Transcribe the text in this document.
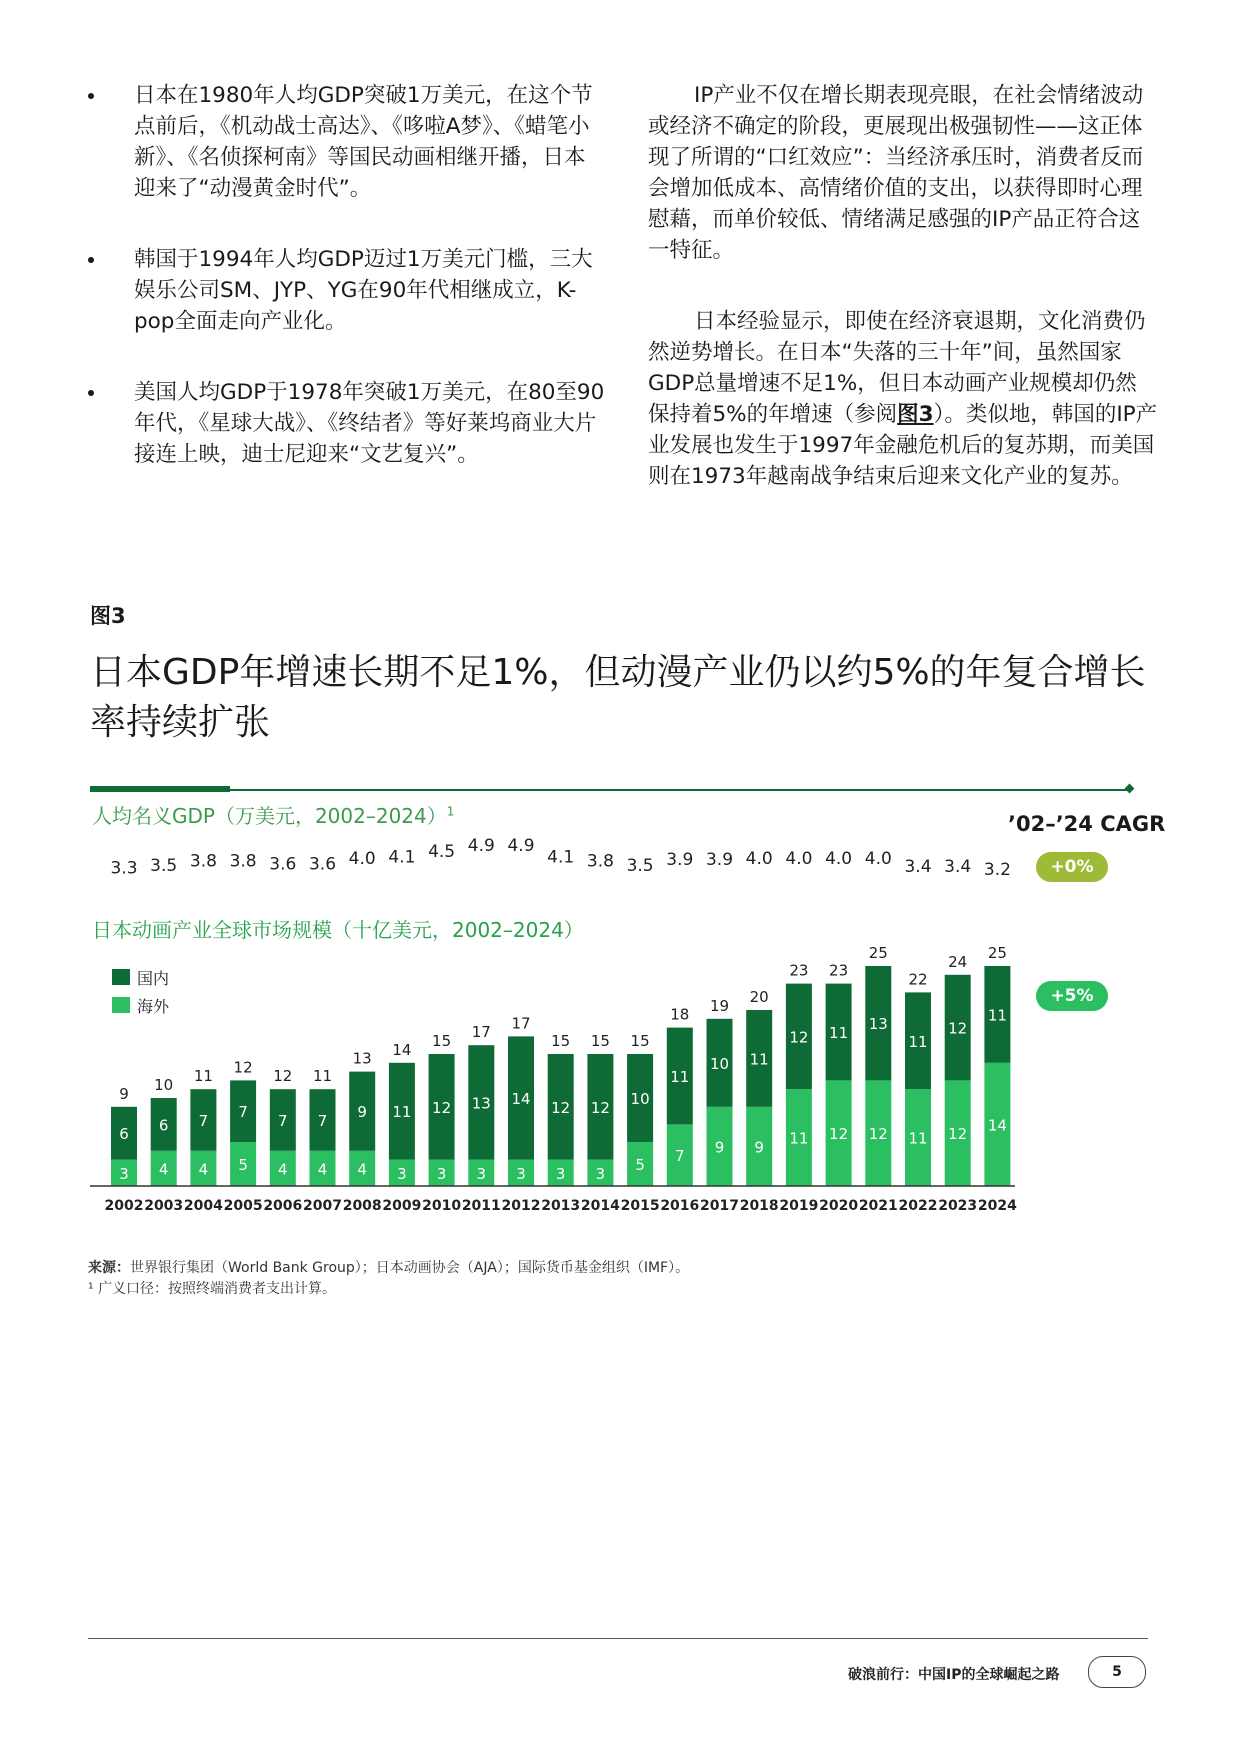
日本在1980年人均GDP突破1万美元，在这个节点前后，《机动战士高达》、《哆啦A梦》、《蜡笔小新》、《名侦探柯南》等国民动画相继开播，日本迎来了“动漫黄金时代”。
韩国于1994年人均GDP迈过1万美元门槛，三大娱乐公司SM、JYP、YG在90年代相继成立，K-pop全面走向产业化。
美国人均GDP于1978年突破1万美元，在80至90年代，《星球大战》、《终结者》等好莱坞商业大片接连上映，迪士尼迎来“文艺复兴”。

IP产业不仅在增长期表现亮眼，在社会情绪波动或经济不确定的阶段，更展现出极强韧性——这正体现了所谓的“口红效应”：当经济承压时，消费者反而会增加低成本、高情绪价值的支出，以获得即时心理慰藉，而单价较低、情绪满足感强的IP产品正符合这一特征。

日本经验显示，即使在经济衰退期，文化消费仍然逆势增长。在日本“失落的三十年”间，虽然国家GDP总量增速不足1%，但日本动画产业规模却仍然保持着5%的年增速（参阅图3）。类似地，韩国的IP产业发展也发生于1997年金融危机后的复苏期，而美国则在1973年越南战争结束后迎来文化产业的复苏。

图3
日本GDP年增速长期不足1%，但动漫产业仍以约5%的年复合增长率持续扩张
人均名义GDP（万美元，2002–2024）$^1$
’02–’24 CAGR
+0%
日本动画产业全球市场规模（十亿美元，2002–2024）
+5%
3.3 3.5 3.8 3.8 3.6 3.6 4.0 4.1 4.5 4.9 4.9
4.1 3.8 3.5 3.9 3.9 4.0 4.0 4.0 4.0 3.4 3.4 3.2
国内
海外
3
6
9
4
6
10
4
7
11
5
7
12
4
7
12
4
7
11
4
9
13
3
11
14
3
12
15
3
13
17
3
14
17
3
12
15
3
12
15
5
10
15
7
11
18
9
10
19
9
11
20
11
12
23
12
11
23
12
13
25
11
11
22
12
12
24
14
11
25
2002 2003 2004 2005 2006 2007 2008 2009 2010 2011 2012 2013 2014 2015 2016 2017 2018 2019 2020 2021 2022 2023 2024
来源：世界银行集团（World Bank Group）；日本动画协会（AJA）；国际货币基金组织（IMF）。
¹ 广义口径：按照终端消费者支出计算。
破浪前行：中国IP的全球崛起之路	5
